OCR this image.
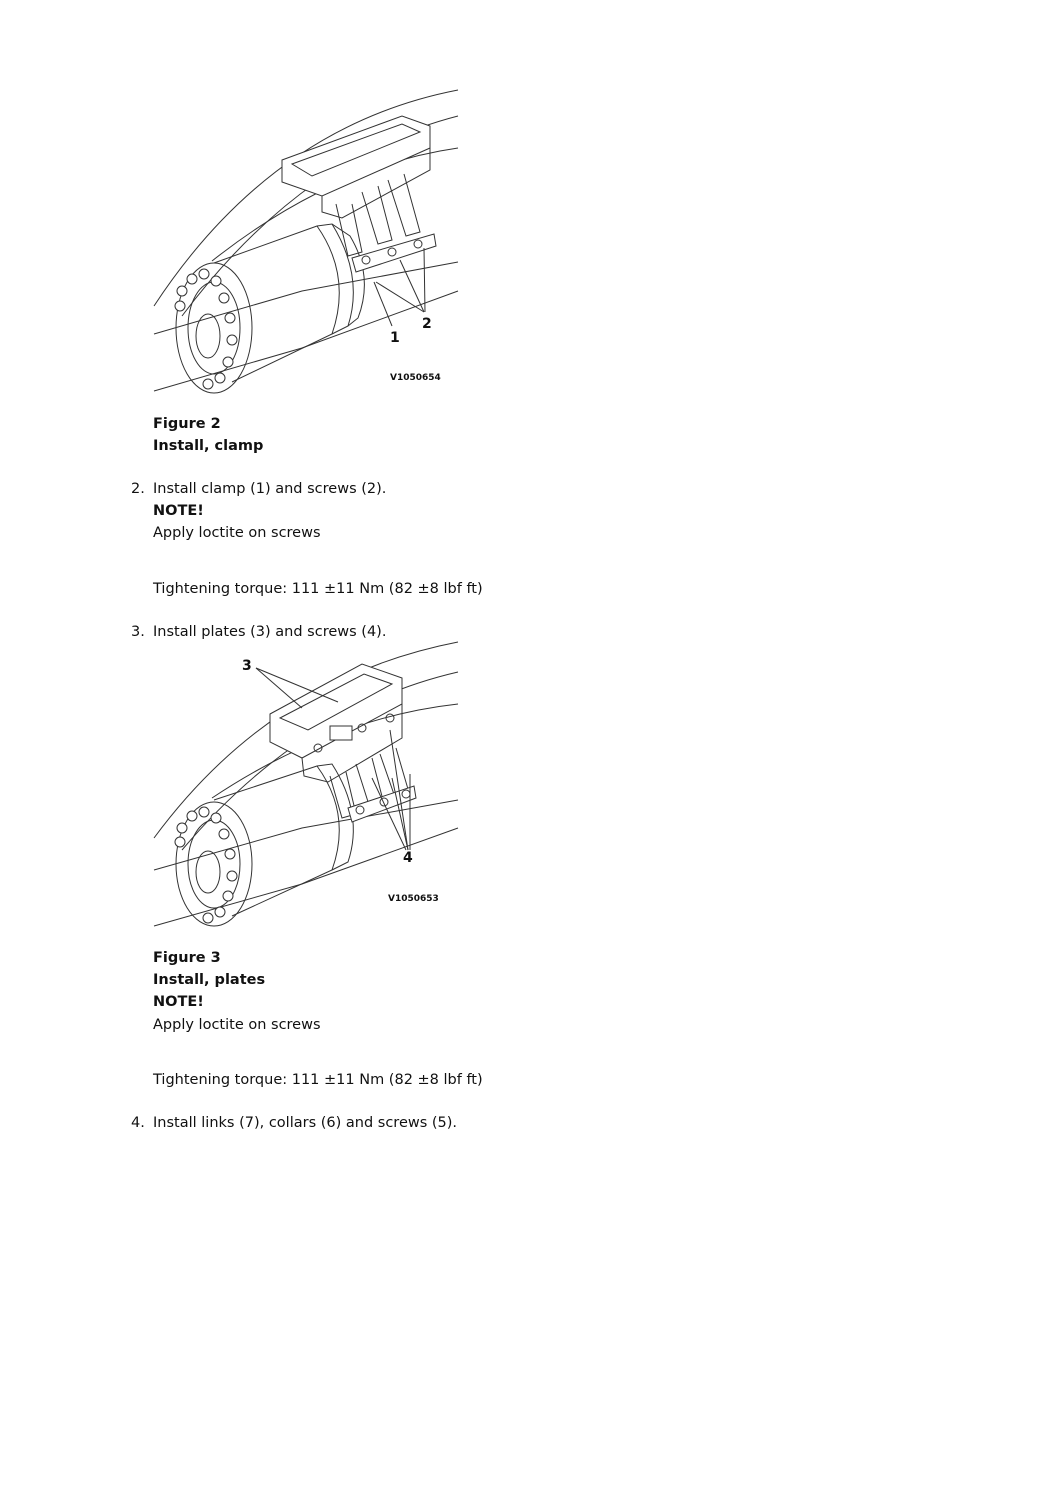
1
2
V1050654
Figure 2
Install, clamp
2. Install clamp (1) and screws (2).
NOTE!
Apply loctite on screws
Tightening torque: 111 ±11 Nm (82 ±8 lbf ft)
3. Install plates (3) and screws (4).
3
4
V1050653
Figure 3
Install, plates
NOTE!
Apply loctite on screws
Tightening torque: 111 ±11 Nm (82 ±8 lbf ft)
4. Install links (7), collars (6) and screws (5).
